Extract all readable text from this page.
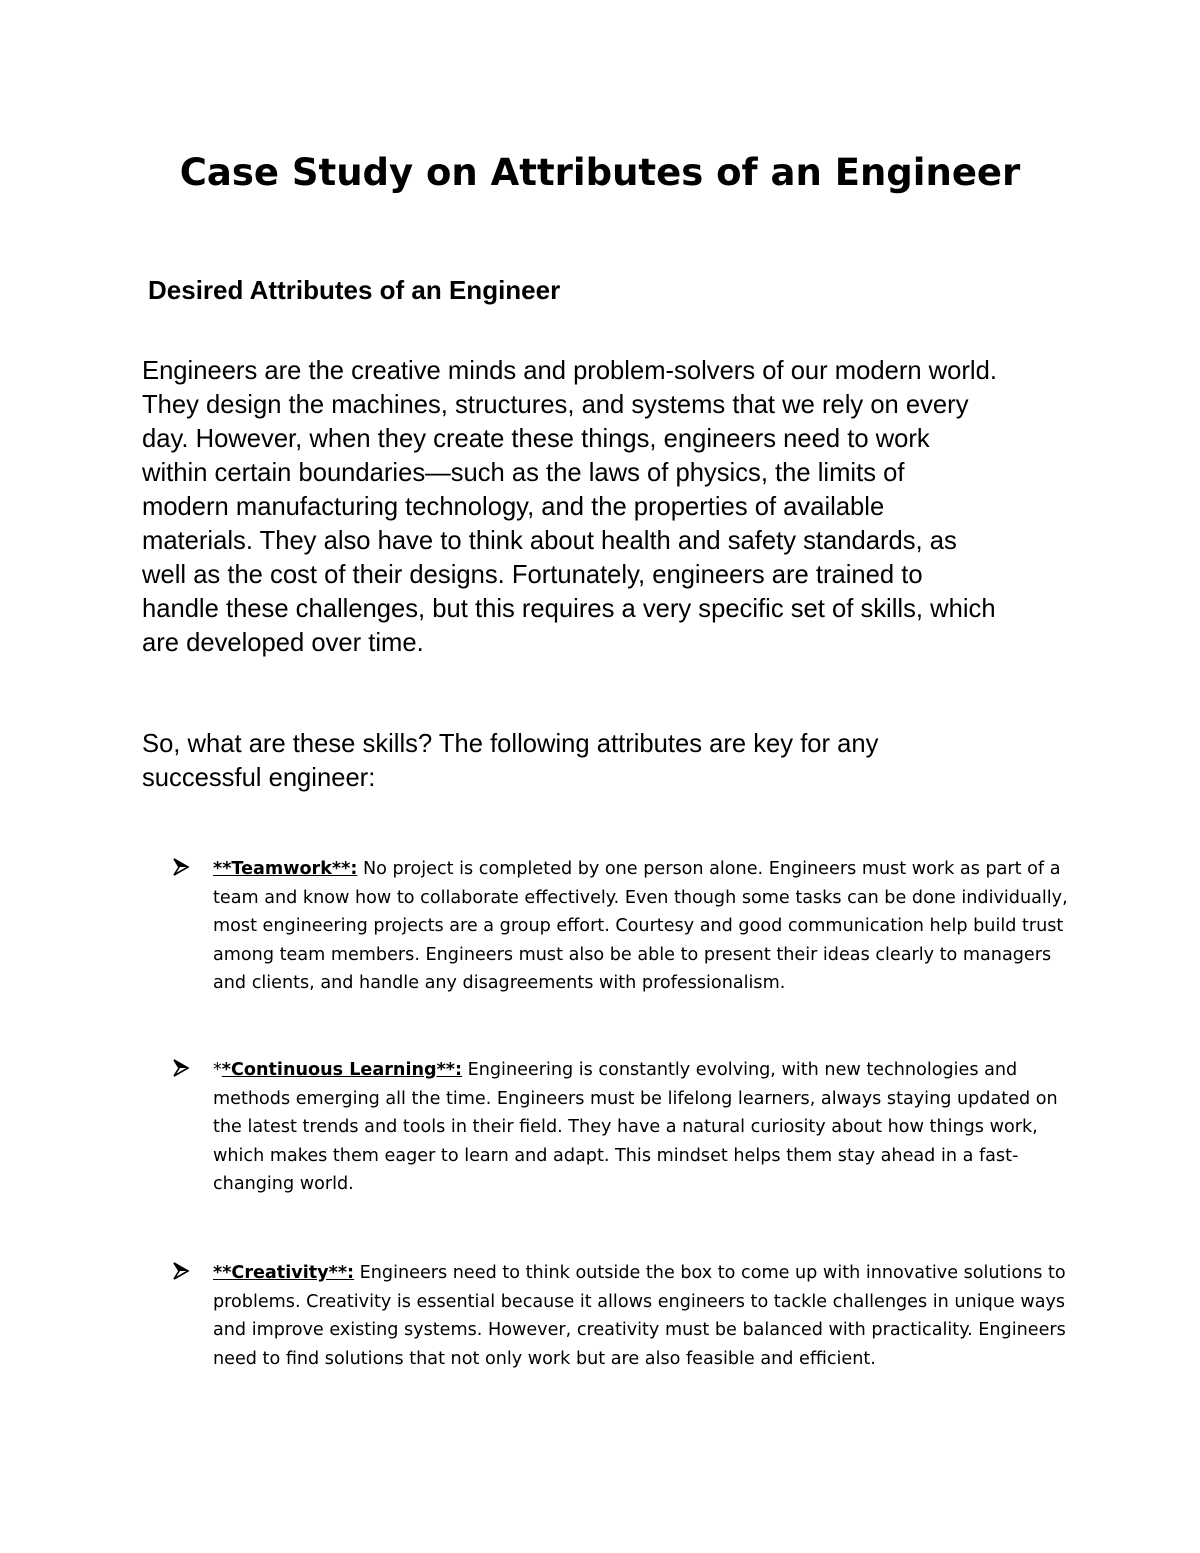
Case Study on Attributes of an Engineer
Desired Attributes of an Engineer

Engineers are the creative minds and problem-solvers of our modern world.
They design the machines, structures, and systems that we rely on every
day. However, when they create these things, engineers need to work
within certain boundaries—such as the laws of physics, the limits of
modern manufacturing technology, and the properties of available
materials. They also have to think about health and safety standards, as
well as the cost of their designs. Fortunately, engineers are trained to
handle these challenges, but this requires a very specific set of skills, which
are developed over time.

So, what are these skills? The following attributes are key for any
successful engineer:

**Teamwork**: No project is completed by one person alone. Engineers must work as part of a
team and know how to collaborate effectively. Even though some tasks can be done individually,
most engineering projects are a group effort. Courtesy and good communication help build trust
among team members. Engineers must also be able to present their ideas clearly to managers
and clients, and handle any disagreements with professionalism.
**Continuous Learning**: Engineering is constantly evolving, with new technologies and
methods emerging all the time. Engineers must be lifelong learners, always staying updated on
the latest trends and tools in their field. They have a natural curiosity about how things work,
which makes them eager to learn and adapt. This mindset helps them stay ahead in a fast-
changing world.
**Creativity**: Engineers need to think outside the box to come up with innovative solutions to
problems. Creativity is essential because it allows engineers to tackle challenges in unique ways
and improve existing systems. However, creativity must be balanced with practicality. Engineers
need to find solutions that not only work but are also feasible and efficient.
